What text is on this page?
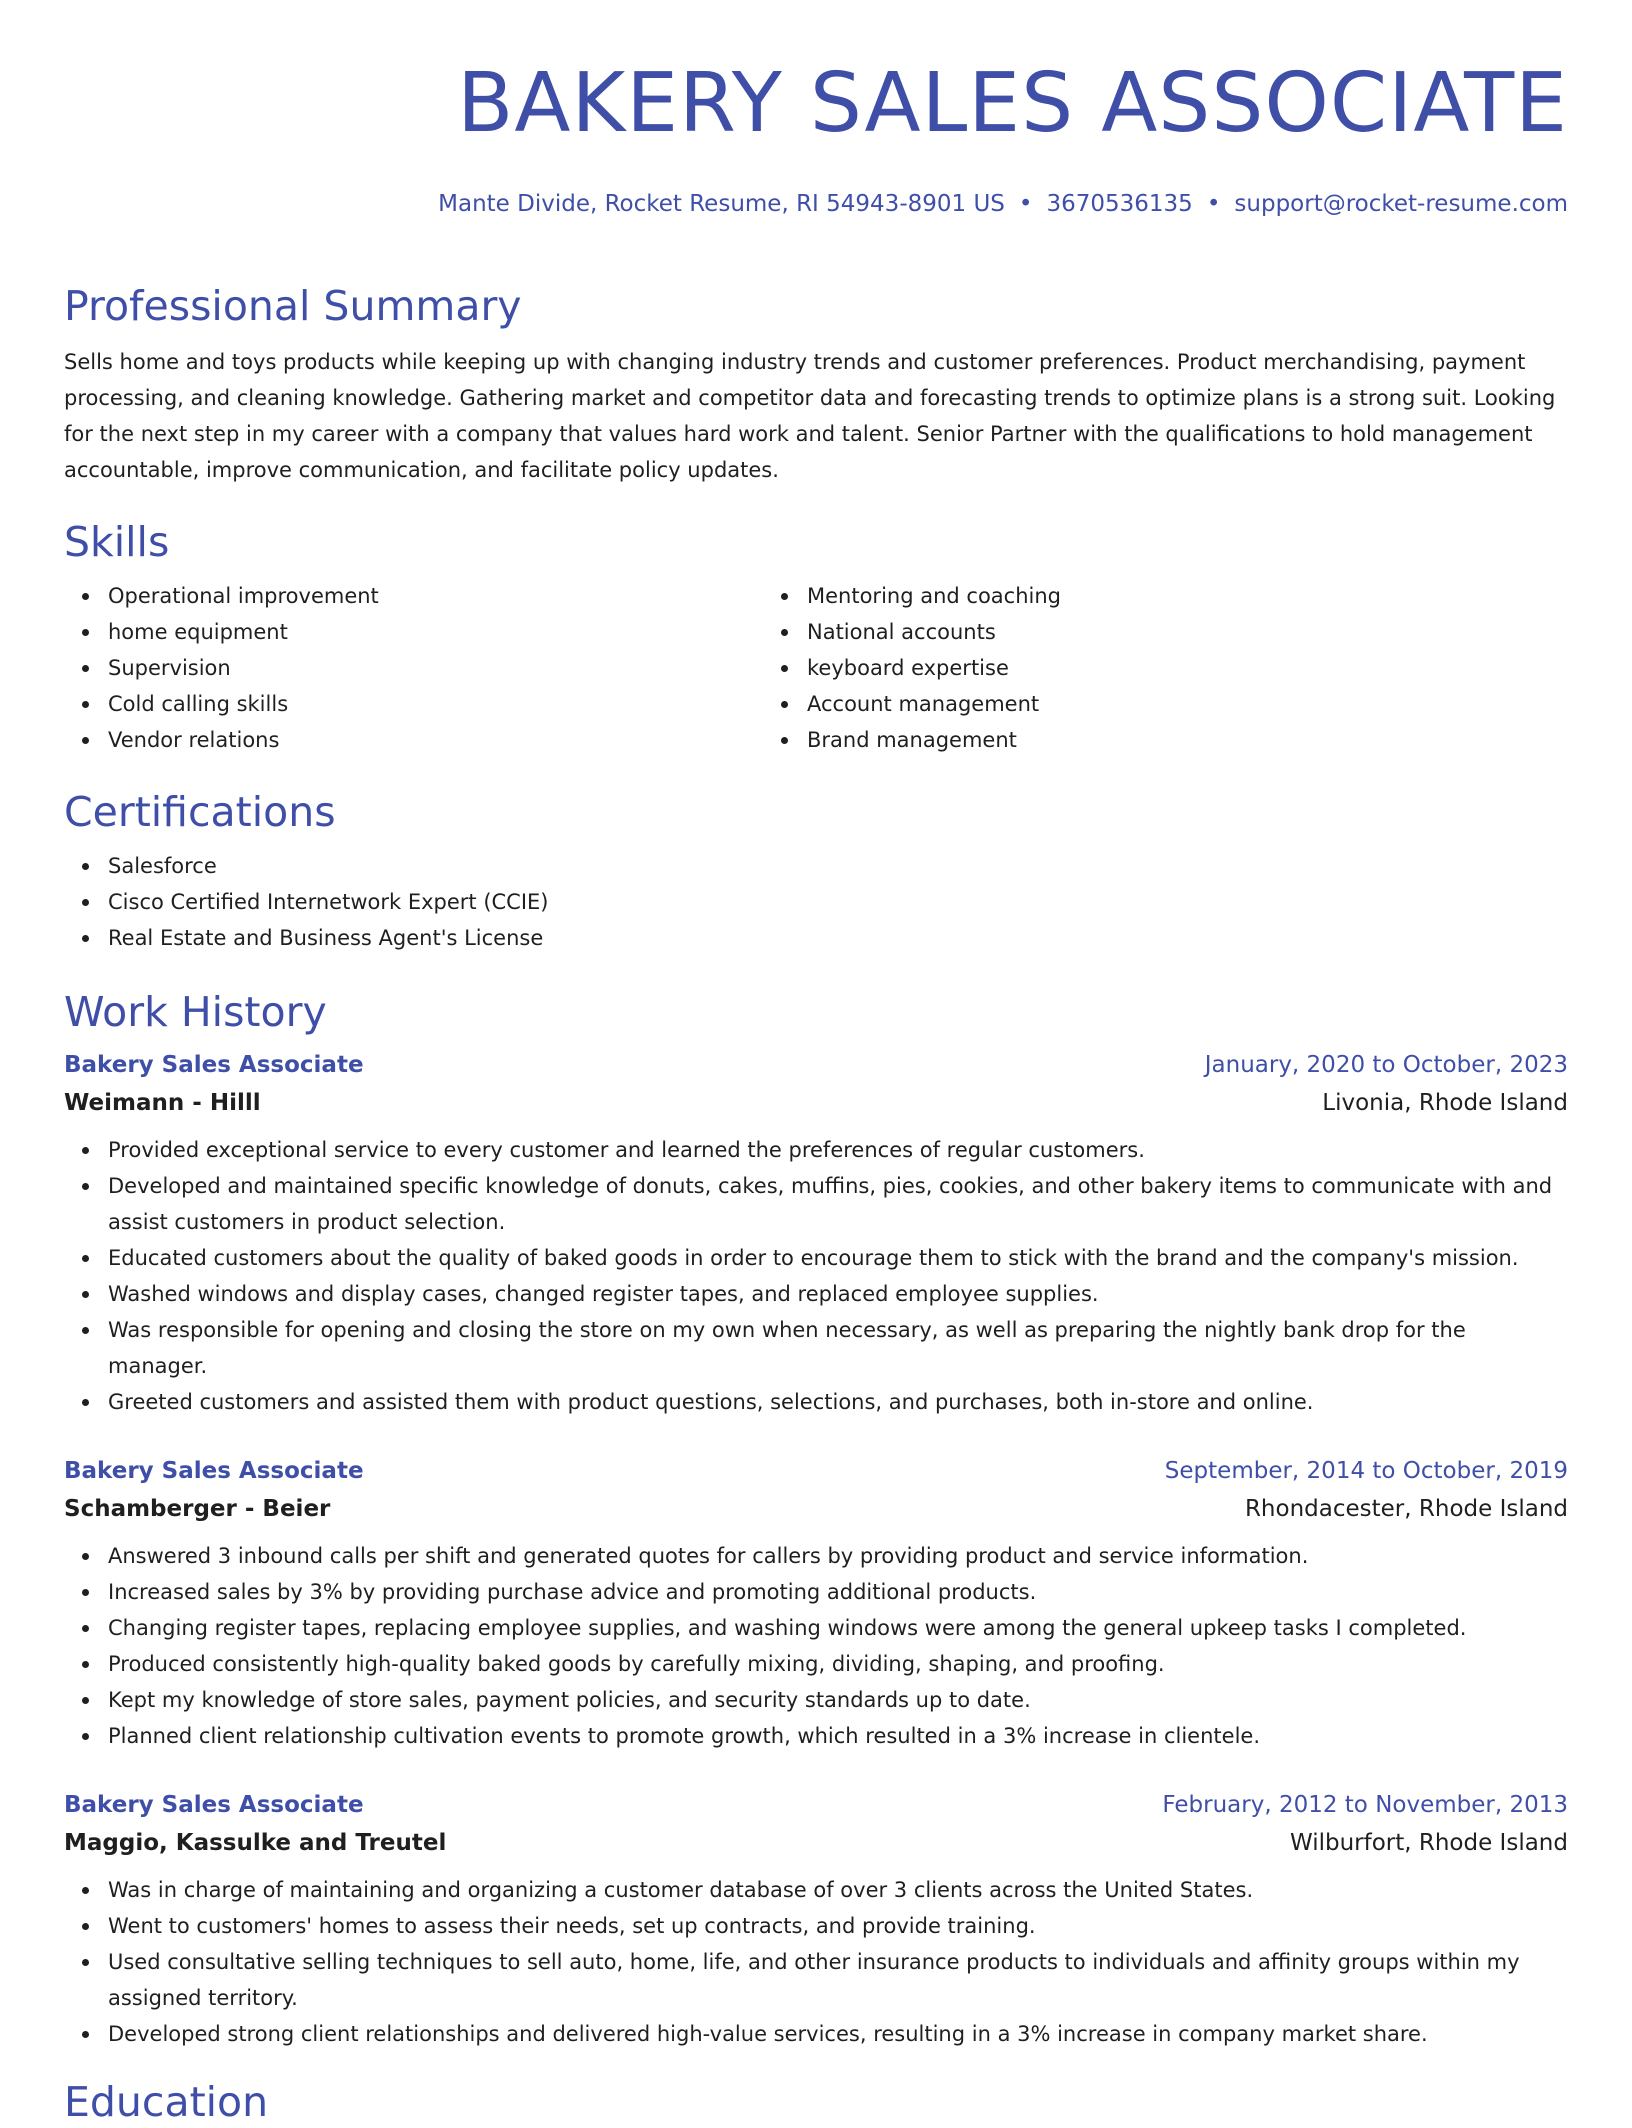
BAKERY SALES ASSOCIATE
Mante Divide, Rocket Resume, RI 54943-8901 US • 3670536135 • support@rocket-resume.com
Professional Summary
Sells home and toys products while keeping up with changing industry trends and customer preferences. Product merchandising, payment processing, and cleaning knowledge. Gathering market and competitor data and forecasting trends to optimize plans is a strong suit. Looking for the next step in my career with a company that values hard work and talent. Senior Partner with the qualifications to hold management accountable, improve communication, and facilitate policy updates.
Skills
Operational improvement
home equipment
Supervision
Cold calling skills
Vendor relations
Mentoring and coaching
National accounts
keyboard expertise
Account management
Brand management
Certifications
Salesforce
Cisco Certified Internetwork Expert (CCIE)
Real Estate and Business Agent's License
Work History
Bakery Sales Associate	January, 2020 to October, 2023
Weimann - Hilll	Livonia, Rhode Island
Provided exceptional service to every customer and learned the preferences of regular customers.
Developed and maintained specific knowledge of donuts, cakes, muffins, pies, cookies, and other bakery items to communicate with and assist customers in product selection.
Educated customers about the quality of baked goods in order to encourage them to stick with the brand and the company's mission.
Washed windows and display cases, changed register tapes, and replaced employee supplies.
Was responsible for opening and closing the store on my own when necessary, as well as preparing the nightly bank drop for the manager.
Greeted customers and assisted them with product questions, selections, and purchases, both in-store and online.
Bakery Sales Associate	September, 2014 to October, 2019
Schamberger - Beier	Rhondacester, Rhode Island
Answered 3 inbound calls per shift and generated quotes for callers by providing product and service information.
Increased sales by 3% by providing purchase advice and promoting additional products.
Changing register tapes, replacing employee supplies, and washing windows were among the general upkeep tasks I completed.
Produced consistently high-quality baked goods by carefully mixing, dividing, shaping, and proofing.
Kept my knowledge of store sales, payment policies, and security standards up to date.
Planned client relationship cultivation events to promote growth, which resulted in a 3% increase in clientele.
Bakery Sales Associate	February, 2012 to November, 2013
Maggio, Kassulke and Treutel	Wilburfort, Rhode Island
Was in charge of maintaining and organizing a customer database of over 3 clients across the United States.
Went to customers' homes to assess their needs, set up contracts, and provide training.
Used consultative selling techniques to sell auto, home, life, and other insurance products to individuals and affinity groups within my assigned territory.
Developed strong client relationships and delivered high-value services, resulting in a 3% increase in company market share.
Education
